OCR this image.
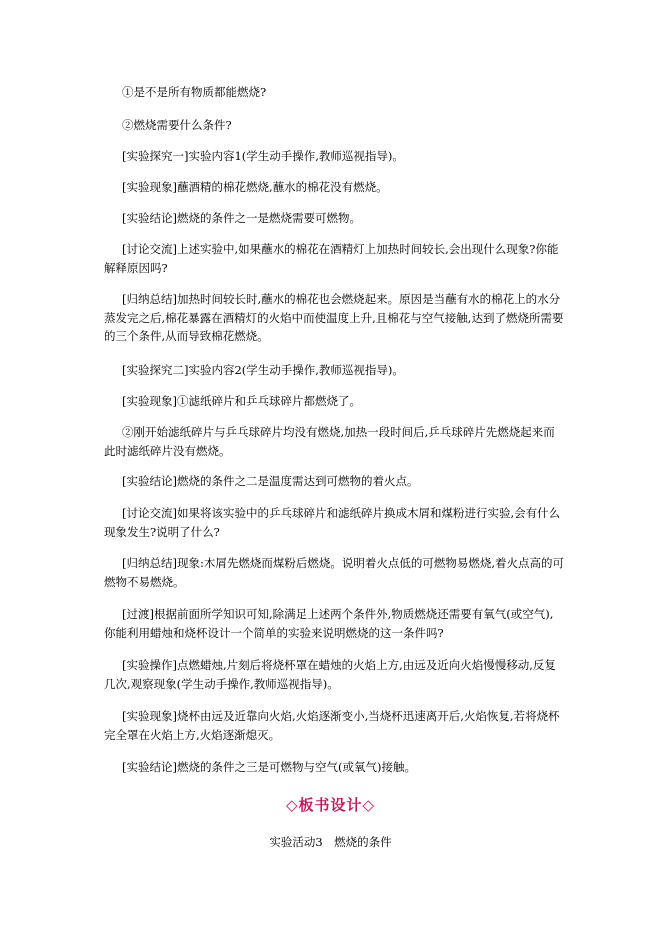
①是不是所有物质都能燃烧?
②燃烧需要什么条件?
[实验探究一]实验内容1(学生动手操作,教师巡视指导)。
[实验现象]蘸酒精的棉花燃烧,蘸水的棉花没有燃烧。
[实验结论]燃烧的条件之一是燃烧需要可燃物。
[讨论交流]上述实验中,如果蘸水的棉花在酒精灯上加热时间较长,会出现什么现象?你能解释原因吗?
[归纳总结]加热时间较长时,蘸水的棉花也会燃烧起来。原因是当蘸有水的棉花上的水分蒸发完之后,棉花暴露在酒精灯的火焰中而使温度上升,且棉花与空气接触,达到了燃烧所需要的三个条件,从而导致棉花燃烧。
[实验探究二]实验内容2(学生动手操作,教师巡视指导)。
[实验现象]①滤纸碎片和乒乓球碎片都燃烧了。
②刚开始滤纸碎片与乒乓球碎片均没有燃烧,加热一段时间后,乒乓球碎片先燃烧起来而此时滤纸碎片没有燃烧。
[实验结论]燃烧的条件之二是温度需达到可燃物的着火点。
[讨论交流]如果将该实验中的乒乓球碎片和滤纸碎片换成木屑和煤粉进行实验,会有什么现象发生?说明了什么?
[归纳总结]现象:木屑先燃烧而煤粉后燃烧。说明着火点低的可燃物易燃烧,着火点高的可燃物不易燃烧。
[过渡]根据前面所学知识可知,除满足上述两个条件外,物质燃烧还需要有氧气(或空气),你能利用蜡烛和烧杯设计一个简单的实验来说明燃烧的这一条件吗?
[实验操作]点燃蜡烛,片刻后将烧杯罩在蜡烛的火焰上方,由远及近向火焰慢慢移动,反复几次,观察现象(学生动手操作,教师巡视指导)。
[实验现象]烧杯由远及近靠向火焰,火焰逐渐变小,当烧杯迅速离开后,火焰恢复,若将烧杯完全罩在火焰上方,火焰逐渐熄灭。
[实验结论]燃烧的条件之三是可燃物与空气(或氧气)接触。
◇板书设计◇
实验活动3　燃烧的条件
